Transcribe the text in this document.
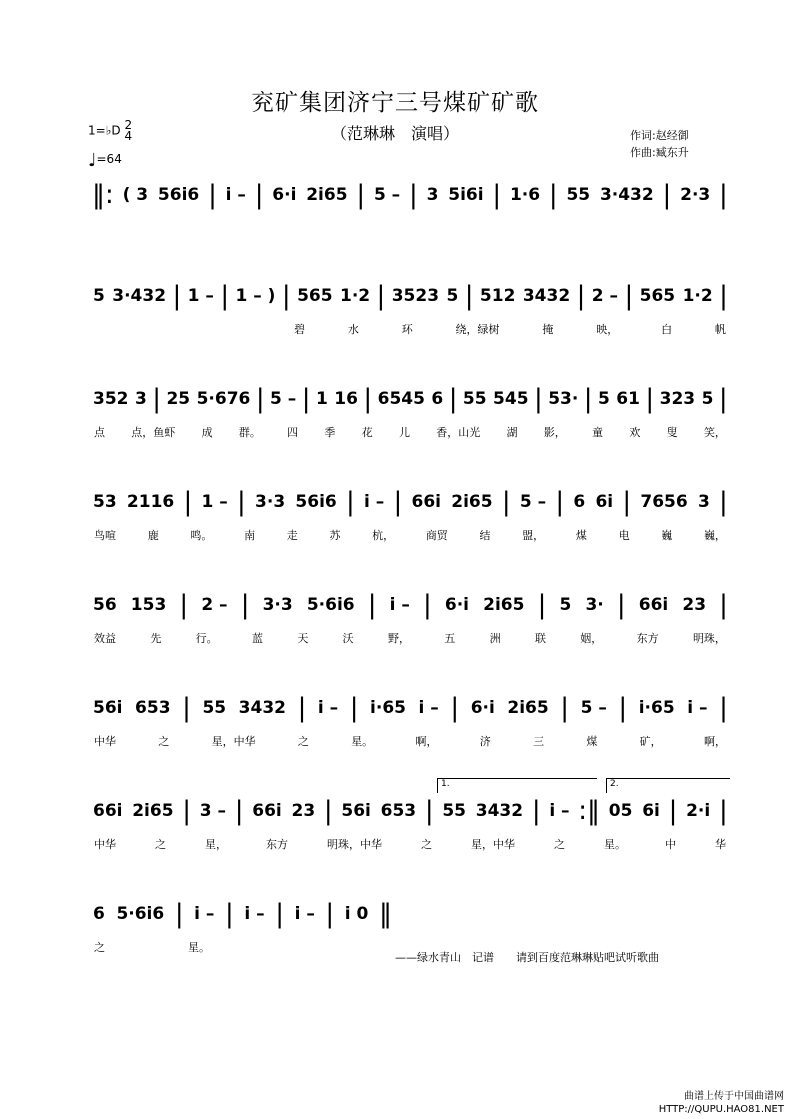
兖矿集团济宁三号煤矿矿歌
（范琳琳　演唱）	作词:赵经御
作曲:臧东升
1=♭D 2
4
♩=64
‖: ( 3 56i6 | i – | 6·i 2i65 | 5 – | 3 5i6i | 1·6 | 55 3·432 | 2·3 |
5 3·432 | 1 – | 1 – ) | 565 1·2 | 3523 5 | 512 3432 | 2 – | 565 1·2 |
碧	水	环	绕，绿树	掩	映，	白	帆
352 3 | 25 5·676 | 5 – | 1 16 | 6545 6 | 55 545 | 53· | 5 61 | 323 5 |
点 点，鱼虾 成 群。 四 季 花 儿 香，山光 湖 影， 童 欢 叟 笑，
53 2116 | 1 – | 3·3 56i6 | i – | 66i 2i65 | 5 – | 6 6i | 7656 3 |
鸟喧	鹿	鸣。	南	走	苏	杭，	商贸	结	盟，	煤	电	巍	巍，
56 153 | 2 – | 3·3 5·6i6 | i – | 6·i 2i65 | 5 3· | 66i 23 |
效益	先	行。	蓝	天	沃	野，	五	洲	联	姻，	东方	明珠，
56i 653 | 55 3432 | i – | i·65 i – | 6·i 2i65 | 5 – | i·65 i – |
中华	之	星，中华	之	星。	啊，	济	三	煤	矿，	啊，
66i 2i65 | 3 – | 66i 23 | 56i 653 | 55 3432 | i – :‖ 05 6i | 2·i |
中华	之	星，	东方	明珠，中华	之	星，中华	之	星。	中	华
6 5·6i6 | i – | i – | i – | i 0 ‖
之	星。
1.	2.
——绿水青山　记谱　　请到百度范琳琳贴吧试听歌曲
曲谱上传于中国曲谱网
HTTP://QUPU.HAO81.NET
